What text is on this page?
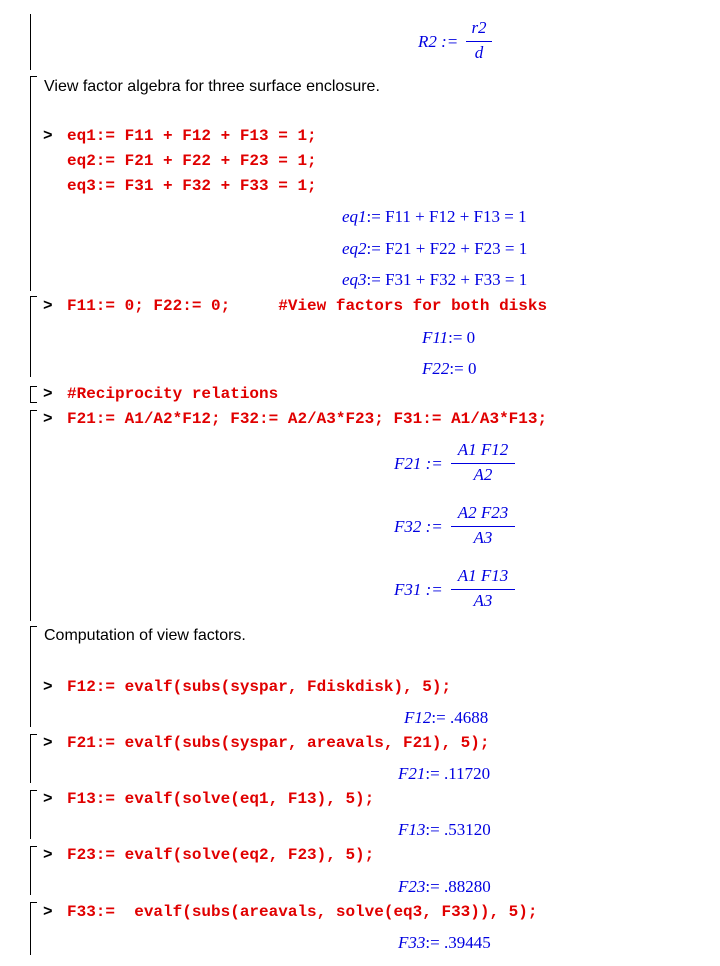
R2 :=
r2
d
View factor algebra for three surface enclosure.
> eq1:= F11 + F12 + F13 = 1;
eq2:= F21 + F22 + F23 = 1;
eq3:= F31 + F32 + F33 = 1;
eq1:= F11 + F12 + F13 = 1
eq2:= F21 + F22 + F23 = 1
eq3:= F31 + F32 + F33 = 1
> F11:= 0; F22:= 0;     #View factors for both disks
F11:= 0
F22:= 0
> #Reciprocity relations
> F21:= A1/A2*F12; F32:= A2/A3*F23; F31:= A1/A3*F13;
F21 :=
A1 F12
A2
F32 :=
A2 F23
A3
F31 :=
A1 F13
A3
Computation of view factors.
> F12:= evalf(subs(syspar, Fdiskdisk), 5);
F12:= .4688
> F21:= evalf(subs(syspar, areavals, F21), 5);
F21:= .11720
> F13:= evalf(solve(eq1, F13), 5);
F13:= .53120
> F23:= evalf(solve(eq2, F23), 5);
F23:= .88280
> F33:=  evalf(subs(areavals, solve(eq3, F33)), 5);
F33:= .39445
